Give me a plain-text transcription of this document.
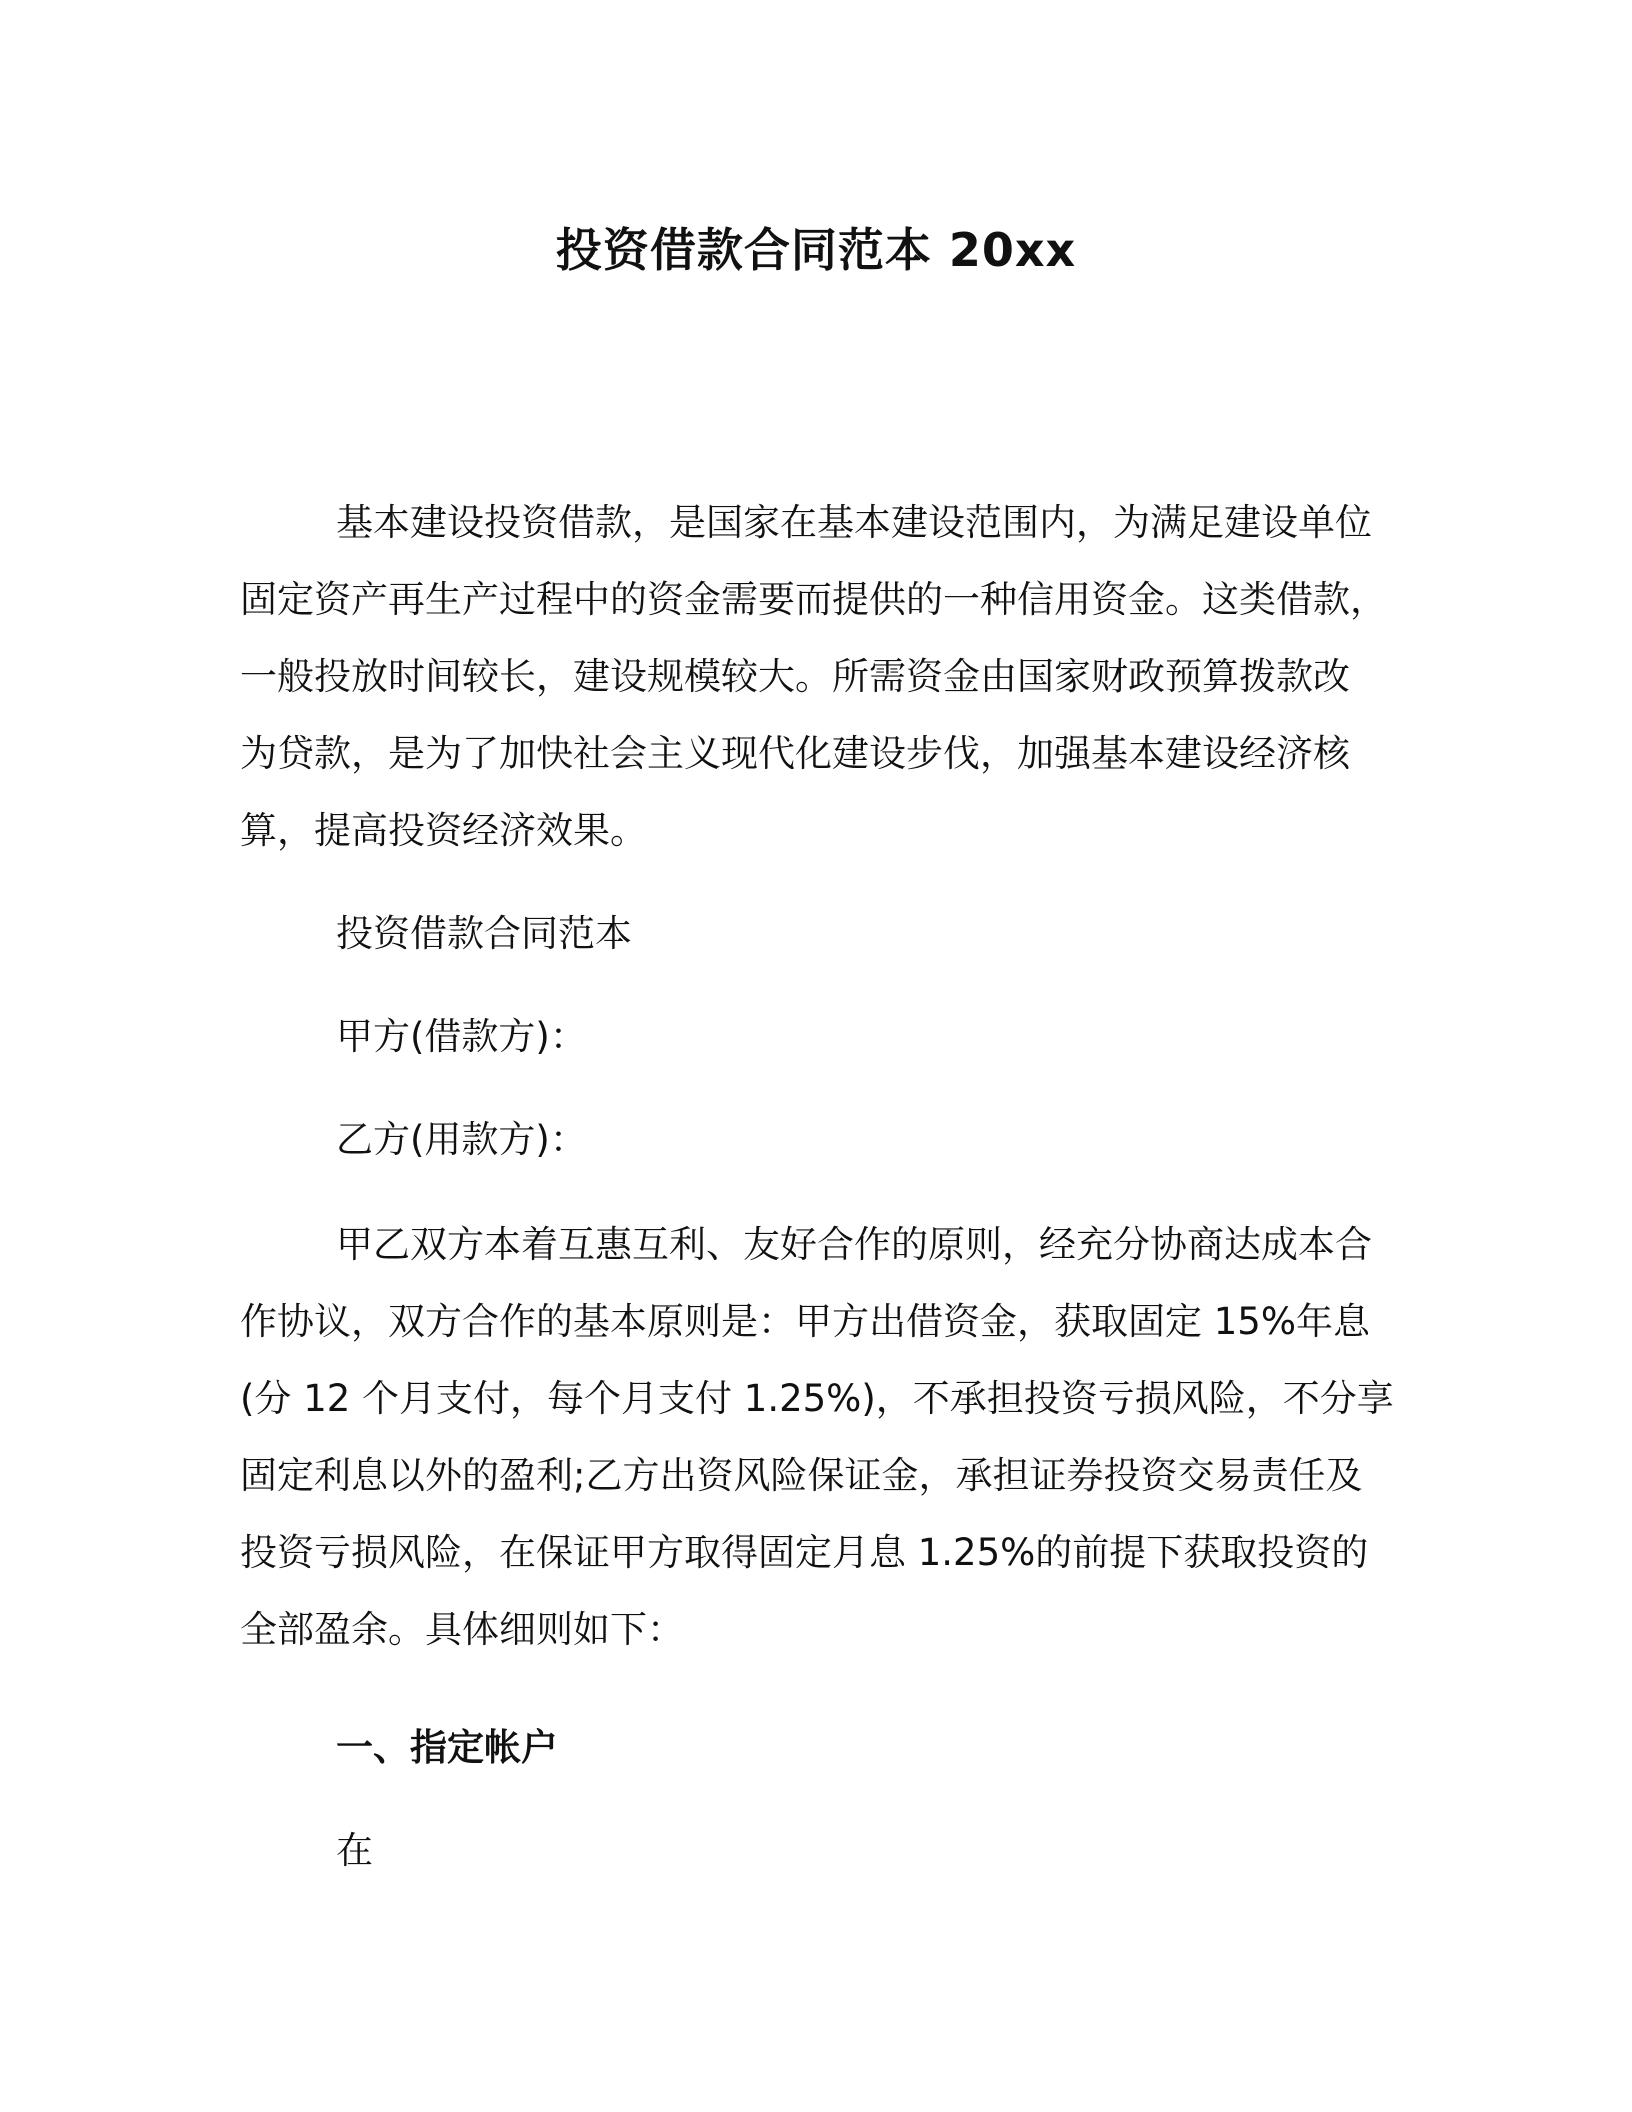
投资借款合同范本 20xx
基本建设投资借款，是国家在基本建设范围内，为满足建设单位
固定资产再生产过程中的资金需要而提供的一种信用资金。这类借款，
一般投放时间较长，建设规模较大。所需资金由国家财政预算拨款改
为贷款，是为了加快社会主义现代化建设步伐，加强基本建设经济核
算，提高投资经济效果。
投资借款合同范本
甲方(借款方)：
乙方(用款方)：
甲乙双方本着互惠互利、友好合作的原则，经充分协商达成本合
作协议，双方合作的基本原则是：甲方出借资金，获取固定 15%年息
(分 12 个月支付，每个月支付 1.25%)，不承担投资亏损风险，不分享
固定利息以外的盈利;乙方出资风险保证金，承担证券投资交易责任及
投资亏损风险，在保证甲方取得固定月息 1.25%的前提下获取投资的
全部盈余。具体细则如下：
一、指定帐户
在
